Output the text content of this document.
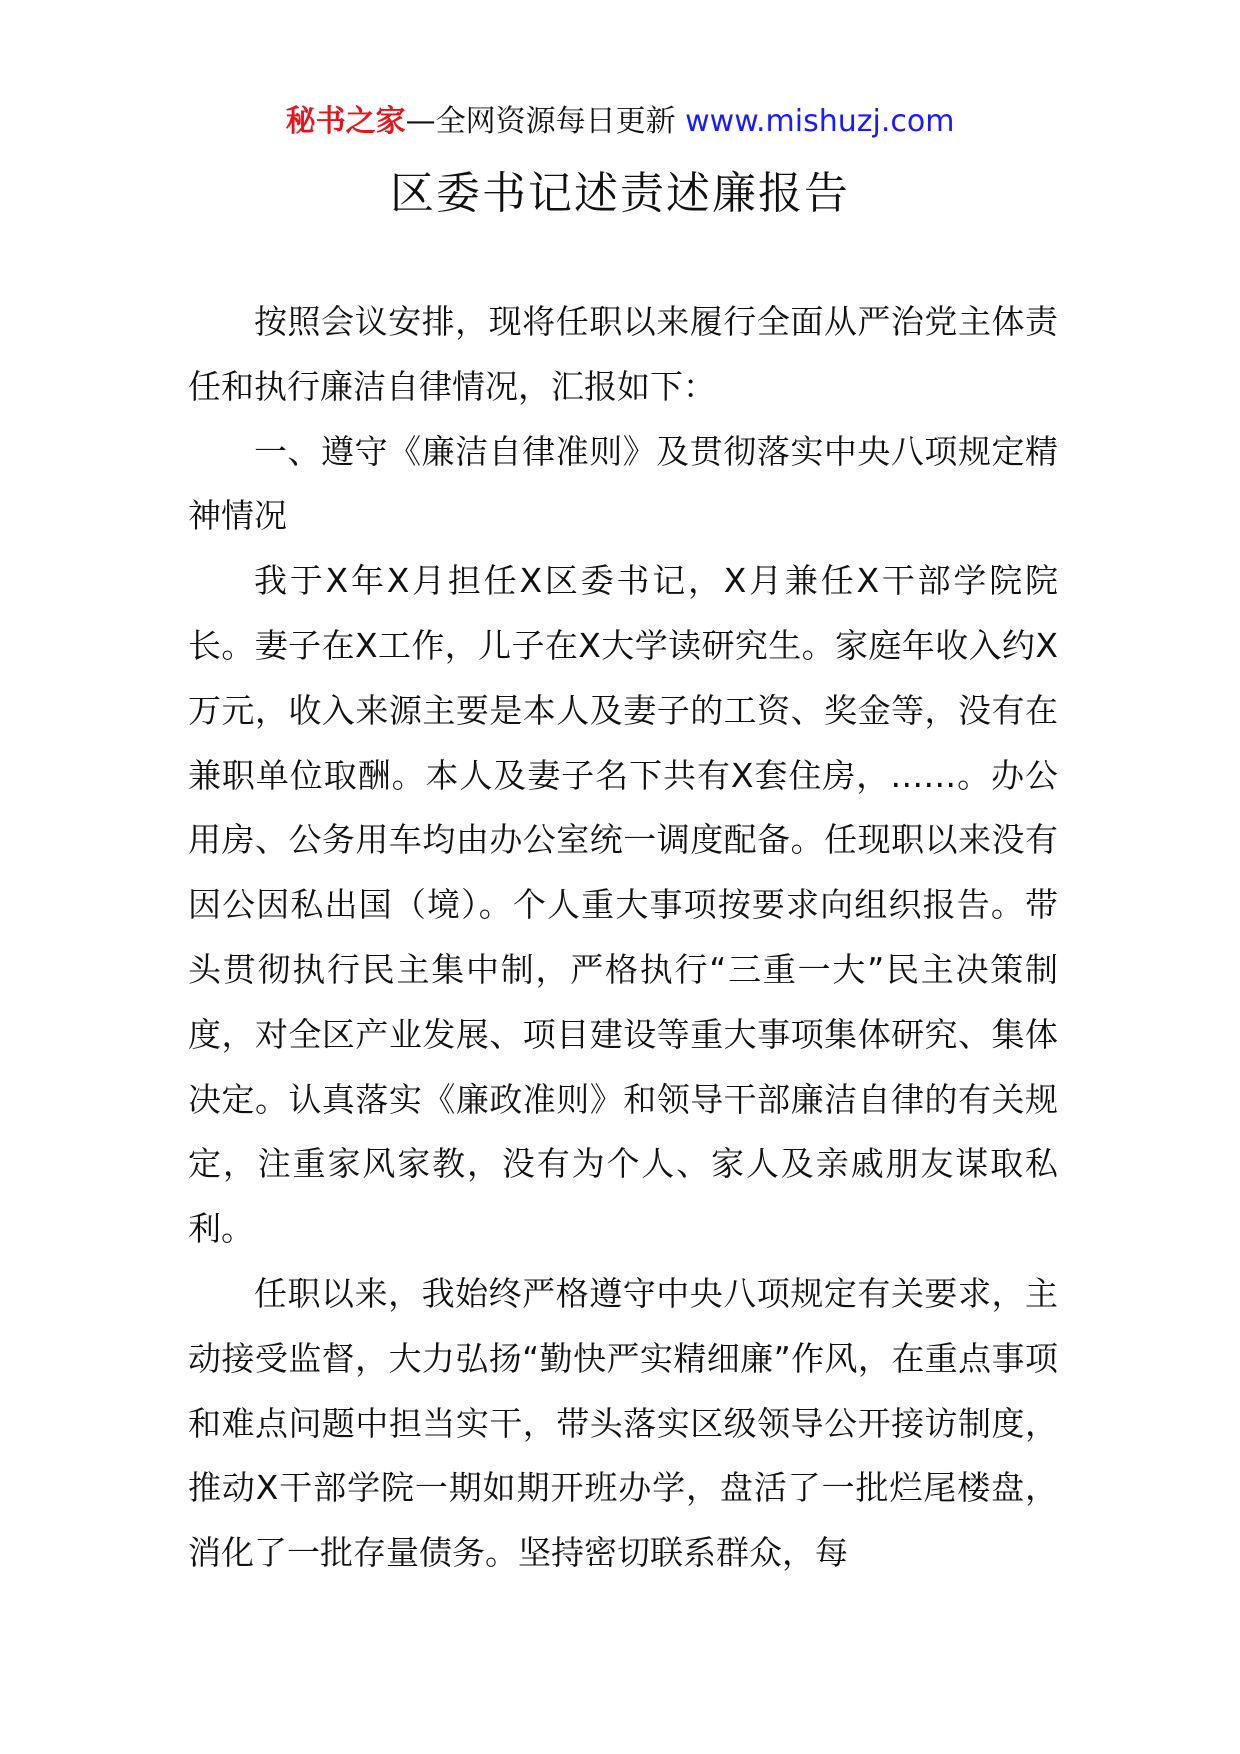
秘书之家—全网资源每日更新 www.mishuzj.com
区委书记述责述廉报告

按照会议安排，现将任职以来履行全面从严治党主体责任和执行廉洁自律情况，汇报如下：

一、遵守《廉洁自律准则》及贯彻落实中央八项规定精神情况

我于X年X月担任X区委书记，X月兼任X干部学院院长。妻子在X工作，儿子在X大学读研究生。家庭年收入约X万元，收入来源主要是本人及妻子的工资、奖金等，没有在兼职单位取酬。本人及妻子名下共有X套住房，……。办公用房、公务用车均由办公室统一调度配备。任现职以来没有因公因私出国（境）。个人重大事项按要求向组织报告。带头贯彻执行民主集中制，严格执行“三重一大”民主决策制度，对全区产业发展、项目建设等重大事项集体研究、集体决定。认真落实《廉政准则》和领导干部廉洁自律的有关规定，注重家风家教，没有为个人、家人及亲戚朋友谋取私利。

任职以来，我始终严格遵守中央八项规定有关要求，主动接受监督，大力弘扬“勤快严实精细廉”作风，在重点事项和难点问题中担当实干，带头落实区级领导公开接访制度，推动X干部学院一期如期开班办学，盘活了一批烂尾楼盘，消化了一批存量债务。坚持密切联系群众，每
